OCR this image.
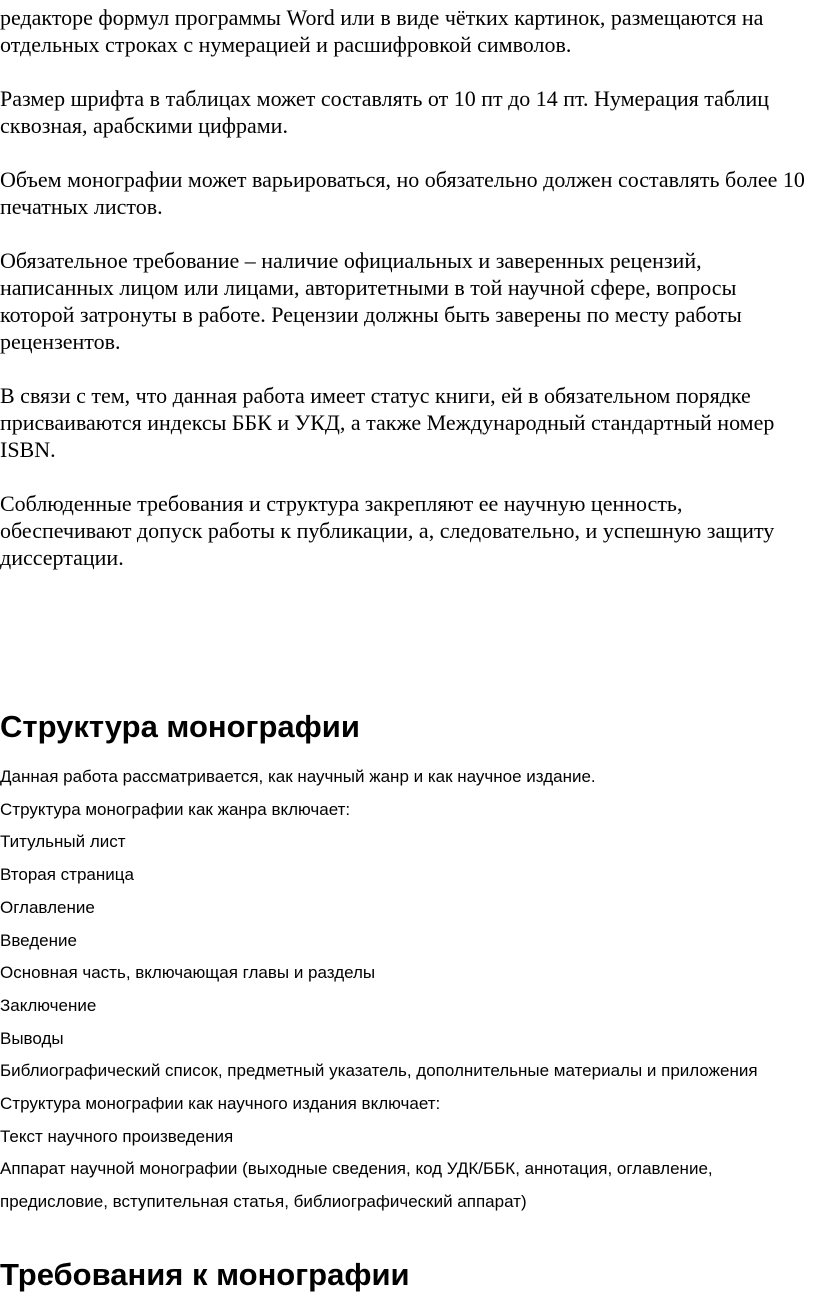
редакторе формул программы Word или в виде чётких картинок, размещаются на отдельных строках с нумерацией и расшифровкой символов.

Размер шрифта в таблицах может составлять от 10 пт до 14 пт. Нумерация таблиц сквозная, арабскими цифрами.

Объем монографии может варьироваться, но обязательно должен составлять более 10 печатных листов.

Обязательное требование – наличие официальных и заверенных рецензий, написанных лицом или лицами, авторитетными в той научной сфере, вопросы которой затронуты в работе. Рецензии должны быть заверены по месту работы рецензентов.

В связи с тем, что данная работа имеет статус книги, ей в обязательном порядке присваиваются индексы ББК и УКД, а также Международный стандартный номер ISBN.

Соблюденные требования и структура закрепляют ее научную ценность, обеспечивают допуск работы к публикации, а, следовательно, и успешную защиту диссертации.

Структура монографии

Данная работа рассматривается, как научный жанр и как научное издание.

Структура монографии как жанра включает:

Титульный лист

Вторая страница

Оглавление

Введение

Основная часть, включающая главы и разделы

Заключение

Выводы

Библиографический список, предметный указатель, дополнительные материалы и приложения

Структура монографии как научного издания включает:

Текст научного произведения

Аппарат научной монографии (выходные сведения, код УДК/ББК, аннотация, оглавление, предисловие, вступительная статья, библиографический аппарат)

Требования к монографии
